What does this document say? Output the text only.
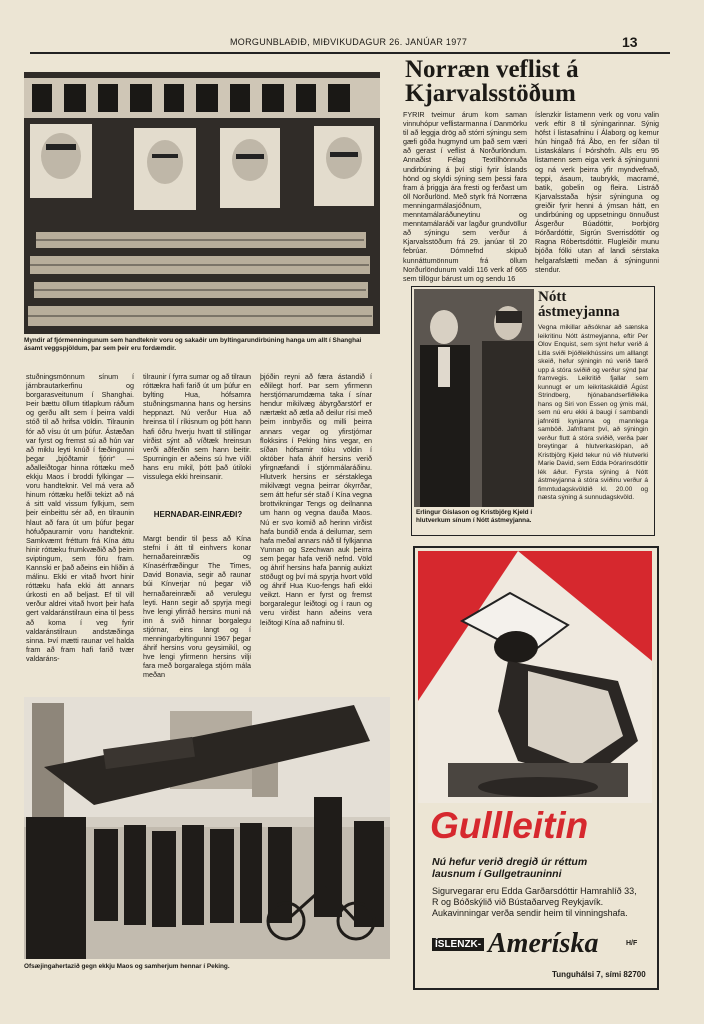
MORGUNBLAÐIÐ, MIÐVIKUDAGUR 26. JANÚAR 1977	13
Myndir af fjórmenningunum sem handteknir voru og sakaðir um byltingarundirbúning hanga um allt í Shanghai ásamt veggspjöldum, þar sem þeir eru fordæmdir.
stuðningsmönnum sínum í járnbrautarkerfinu og borgarasveitunum í Shanghai. Þeir bættu öllum titlapkum ráðum og gerðu allt sem í þeirra valdi stóð til að hrifsa völdin. Tilraunin fór að vísu út um þúfur. Ástæðan var fyrst og fremst sú að hún var að miklu leyti knúð í fæðingunni þegar „bjóðtamir fjórir“ — aðalleiðtogar hinna róttæku með ekkju Maos í broddi fylkingar — voru handteknir. Vel má vera að hinum róttæku hefði tekizt að ná á sitt vald vissum fylkjum, sem þeir einbeittu sér að, en tilraunin hlaut að fara út um þúfur þegar höfuðpaurarnir voru handteknir. Samkvæmt fréttum frá Kína áttu hinir róttæku frumkvæðið að þeim sviptingum, sem fóru fram. Kannski er það aðeins ein hliðin á málinu. Ekki er vitað hvort hinir róttæku hafa ekki átt annars úrkosti en að beljast. Ef til vill verður aldrei vitað hvort þeir hafa gert valdaránstilraun eina til þess að koma í veg fyrir valdaránstilraun andstæðinga sinna. Því mætti raunar vel halda fram að fram hafi farið tvær valdaráns-
tilraunir í fyrra sumar og að tilraun róttækra hafi farið út um þúfur en bylting Hua, hófsamra stuðningsmanna hans og hersins heppnazt. Nú verður Hua að hreinsa til í ríkisnum og þótt hann hafi óðru hverju hvatt til stillingar virðist sýnt að víðtæk hreinsun verði aðferðin sem hann beitir. Spurningin er aðeins sú hve víðl hans eru mikil, þótt það útiloki vissulega ekki hreinsanir.
HERNAÐAR-EINRÆÐI?
Margt bendir til þess að Kína stefni í átt til einhvers konar hernaðareinræðis og Kínasérfræðingur The Times, David Bonavia, segir að raunar búi Kínverjar nú þegar við hernaðareinræði að verulegu leyti. Hann segir að spyrja megi hve lengi yfirráð hersins muni ná inn á svið hinnar borgalegu stjórnar, eins langt og í menningarbyltingunni 1967 þegar áhrif hersins voru geysimikil, og hve lengi yfirmenn hersins vilji fara með borgaralega stjórn mála meðan
þjóðin reyni að færa ástandið í eðlilegt horf. Þar sem yfirmenn herstjórnarumdæma taka í sínar hendur mikilvæg ábyrgðarstörf er nærtækt að ætla að deilur rísi með þeim innbyrðis og milli þeirra annars vegar og yfirstjórnar flokksins í Peking hins vegar, en síðan hófsamir tóku völdin í október hafa áhrif hersins verið yfirgnæfandi í stjórnmálaráðinu. Hlutverk hersins er sérstaklega mikilvægt vegna þeirrar ókyrrðar, sem átt hefur sér stað í Kína vegna brottvikningar Tengs og deilnanna um hann og vegna dauða Maos. Nú er svo komið að herinn virðist hafa bundið enda á deilurnar, sem hafa meðal annars náð til fylkjanna Yunnan og Szechwan auk þeirra sem þegar hafa verið nefnd. Völd og áhrif hersins hafa þannig aukizt stöðugt og því má spyrja hvort völd og áhrif Hua Kuo-fengs hafi ekki veikzt. Hann er fyrst og fremst borgaralegur leiðtogi og í raun og veru virðist hann aðeins vera leiðtogi Kína að nafninu til.
Ofsæjingahertazið gegn ekkju Maos og samherjum hennar í Peking.
Norræn veflist á Kjarvalsstöðum
FYRIR tveimur árum kom saman vinnuhópur veflistarmanna í Danmörku til að leggja drög að stórri sýningu sem gæfi góða hugmynd um það sem væri að gerast í veflist á Norðurlöndum. Annaðist Félag Textílhönnuða undirbúning á því stigi fyrir Íslands hönd og skyldi sýning sem þessi fara fram á þriggja ára fresti og ferðast um öll Norðurlönd. Með styrk frá Norræna menningarmálasjóðnum, menntamálaráðuneytinu og menntamálaráði var lagður grundvöllur að sýningu sem verður á Kjarvalsstöðum frá 29. janúar til 20 febrúar. Dómnefnd skipuð kunnáttumönnum frá öllum Norðurlöndunum valdi 116 verk af 665 sem tillögur bárust um og sendu 16
íslenzkir listamenn verk og voru valin verk eftir 8 til sýningarinnar. Sýnig höfst í listasafninu í Álaborg og kemur hún hingað frá Åbo, en fer síðan til Listaskálans í Þórshöfn. Alls eru 95 listamenn sem eiga verk á sýningunni og ná verk þeirra yfir myndvefnað, teppi, ásaum, taubrykk, macramé, batik, gobelin og fleira. Listráð Kjarvalsstaða hýsir sýninguna og greiðir fyrir henni á ýmsan hátt, en undirbúning og uppsetningu önnuðust Ásgerður Búadóttir, Þorbjörg Þórðardóttir, Sigrún Sverrisdóttir og Ragna Róbertsdóttir. Flugleiðir munu bjóða fólki utan af landi sérstaka helgarafslætti meðan á sýningunni stendur.
Erlingur Gíslason og Kristbjörg Kjeld í hlutverkum sínum í Nótt ástmeyjanna.
Nótt ástmeyjanna
Vegna mikillar aðsóknar að sænska leikritinu Nótt ástmeyjanna, eftir Per Olov Enquist, sem sýnt hefur verið á Litla sviði Þjóðleikhússins um alllangt skeið, hefur sýningin nú verið færð upp á stóra sviðið og verður sýnd þar framvegis. Leikritið fjallar sem kunnugt er um leikritaskáldið Ágúst Strindberg, hjónabandserfiðleika hans og Siri von Essen og ýmis mál, sem nú eru ekki á baugi í sambandi jafnrétti kynjanna og mannlega samböð. Jafnframt því, að sýningin verður flutt á stóra sviðið, verða þær breytingar á hlutverkaskipan, að Kristbjörg Kjeld tekur nú við hlutverki Marie David, sem Edda Þórarinsdóttir lék áður. Fyrsta sýning á Nótt ástmeyjanna á stóra sviðinu verður á fimmtudagskvöldið kl. 20.00 og næsta sýning á sunnudagskvöld.
Gullleitin
Nú hefur verið dregið úr réttum lausnum í Gullgetrauninni
Sigurvegarar eru Edda Garðarsdóttir Hamrahlíð 33, R og Bóðskýlið við Bústaðarveg Reykjavík. Aukavinningar verða sendir heim til vinningshafa.
ÍSLENZK- Ameríska	H/F
Tunguhálsi 7, sími 82700
